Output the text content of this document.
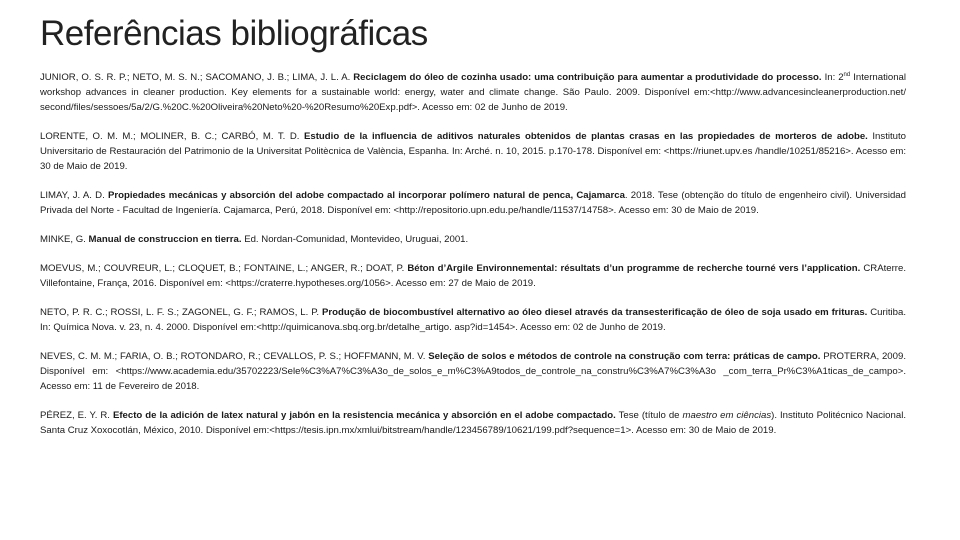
Referências bibliográficas

JUNIOR, O. S. R. P.; NETO, M. S. N.; SACOMANO, J. B.; LIMA, J. L. A. Reciclagem do óleo de cozinha usado: uma contribuição para aumentar a produtividade do processo. In: 2nd International workshop advances in cleaner production. Key elements for a sustainable world: energy, water and climate change. São Paulo. 2009. Disponível em:<http://www.advancesincleanerproduction.net/ second/files/sessoes/5a/2/G.%20C.%20Oliveira%20Neto%20-%20Resumo%20Exp.pdf>. Acesso em: 02 de Junho de 2019.

LORENTE, O. M. M.; MOLINER, B. C.; CARBÓ, M. T. D. Estudio de la influencia de aditivos naturales obtenidos de plantas crasas en las propiedades de morteros de adobe. Instituto Universitario de Restauración del Patrimonio de la Universitat Politècnica de València, Espanha. In: Arché. n. 10, 2015. p.170-178. Disponível em: <https://riunet.upv.es /handle/10251/85216>. Acesso em: 30 de Maio de 2019.

LIMAY, J. A. D. Propiedades mecánicas y absorción del adobe compactado al incorporar polímero natural de penca, Cajamarca. 2018. Tese (obtenção do título de engenheiro civil). Universidad Privada del Norte - Facultad de Ingeniería. Cajamarca, Perú, 2018. Disponível em: <http://repositorio.upn.edu.pe/handle/11537/14758>. Acesso em: 30 de Maio de 2019.

MINKE, G. Manual de construccion en tierra. Ed. Nordan-Comunidad, Montevideo, Uruguai, 2001.

MOEVUS, M.; COUVREUR, L.; CLOQUET, B.; FONTAINE, L.; ANGER, R.; DOAT, P. Béton d’Argile Environnemental: résultats d’un programme de recherche tourné vers l’application. CRAterre. Villefontaine, França, 2016. Disponível em: <https://craterre.hypotheses.org/1056>. Acesso em: 27 de Maio de 2019.

NETO, P. R. C.; ROSSI, L. F. S.; ZAGONEL, G. F.; RAMOS, L. P. Produção de biocombustível alternativo ao óleo diesel através da transesterificação de óleo de soja usado em frituras. Curitiba. In: Química Nova. v. 23, n. 4. 2000. Disponível em:<http://quimicanova.sbq.org.br/detalhe_artigo. asp?id=1454>. Acesso em: 02 de Junho de 2019.

NEVES, C. M. M.; FARIA, O. B.; ROTONDARO, R.; CEVALLOS, P. S.; HOFFMANN, M. V. Seleção de solos e métodos de controle na construção com terra: práticas de campo. PROTERRA, 2009. Disponível em: <https://www.academia.edu/35702223/Sele%C3%A7%C3%A3o_de_solos_e_m%C3%A9todos_de_controle_na_constru%C3%A7%C3%A3o _com_terra_Pr%C3%A1ticas_de_campo>. Acesso em: 11 de Fevereiro de 2018.

PÉREZ, E. Y. R. Efecto de la adición de latex natural y jabón en la resistencia mecánica y absorción en el adobe compactado. Tese (título de maestro em ciências). Instituto Politécnico Nacional. Santa Cruz Xoxocotlán, México, 2010. Disponível em:<https://tesis.ipn.mx/xmlui/bitstream/handle/123456789/10621/199.pdf?sequence=1>. Acesso em: 30 de Maio de 2019.
